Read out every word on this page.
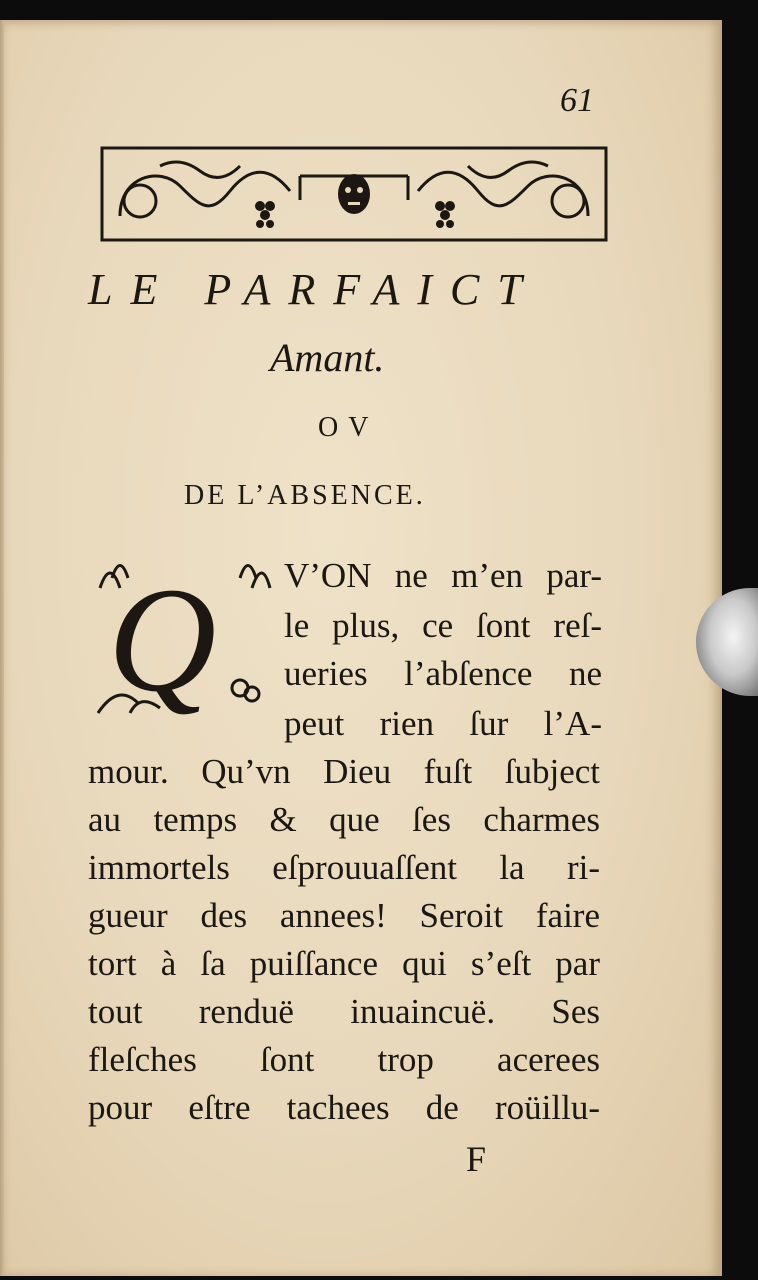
61
LE PARFAICT
Amant.
OV
DE L’ABSENCE.
Q V’ON ne m’en par-
le plus, ce ſont reſ-
ueries l’abſence ne
peut rien ſur l’A-
mour. Qu’vn Dieu fuſt ſubject
au temps & que ſes charmes
immortels eſprouuaſſent la ri-
gueur des annees! Seroit faire
tort à ſa puiſſance qui s’eſt par
tout renduë inuaincuë. Ses
fleſches ſont trop acerees
pour eſtre tachees de roüillu-
F
